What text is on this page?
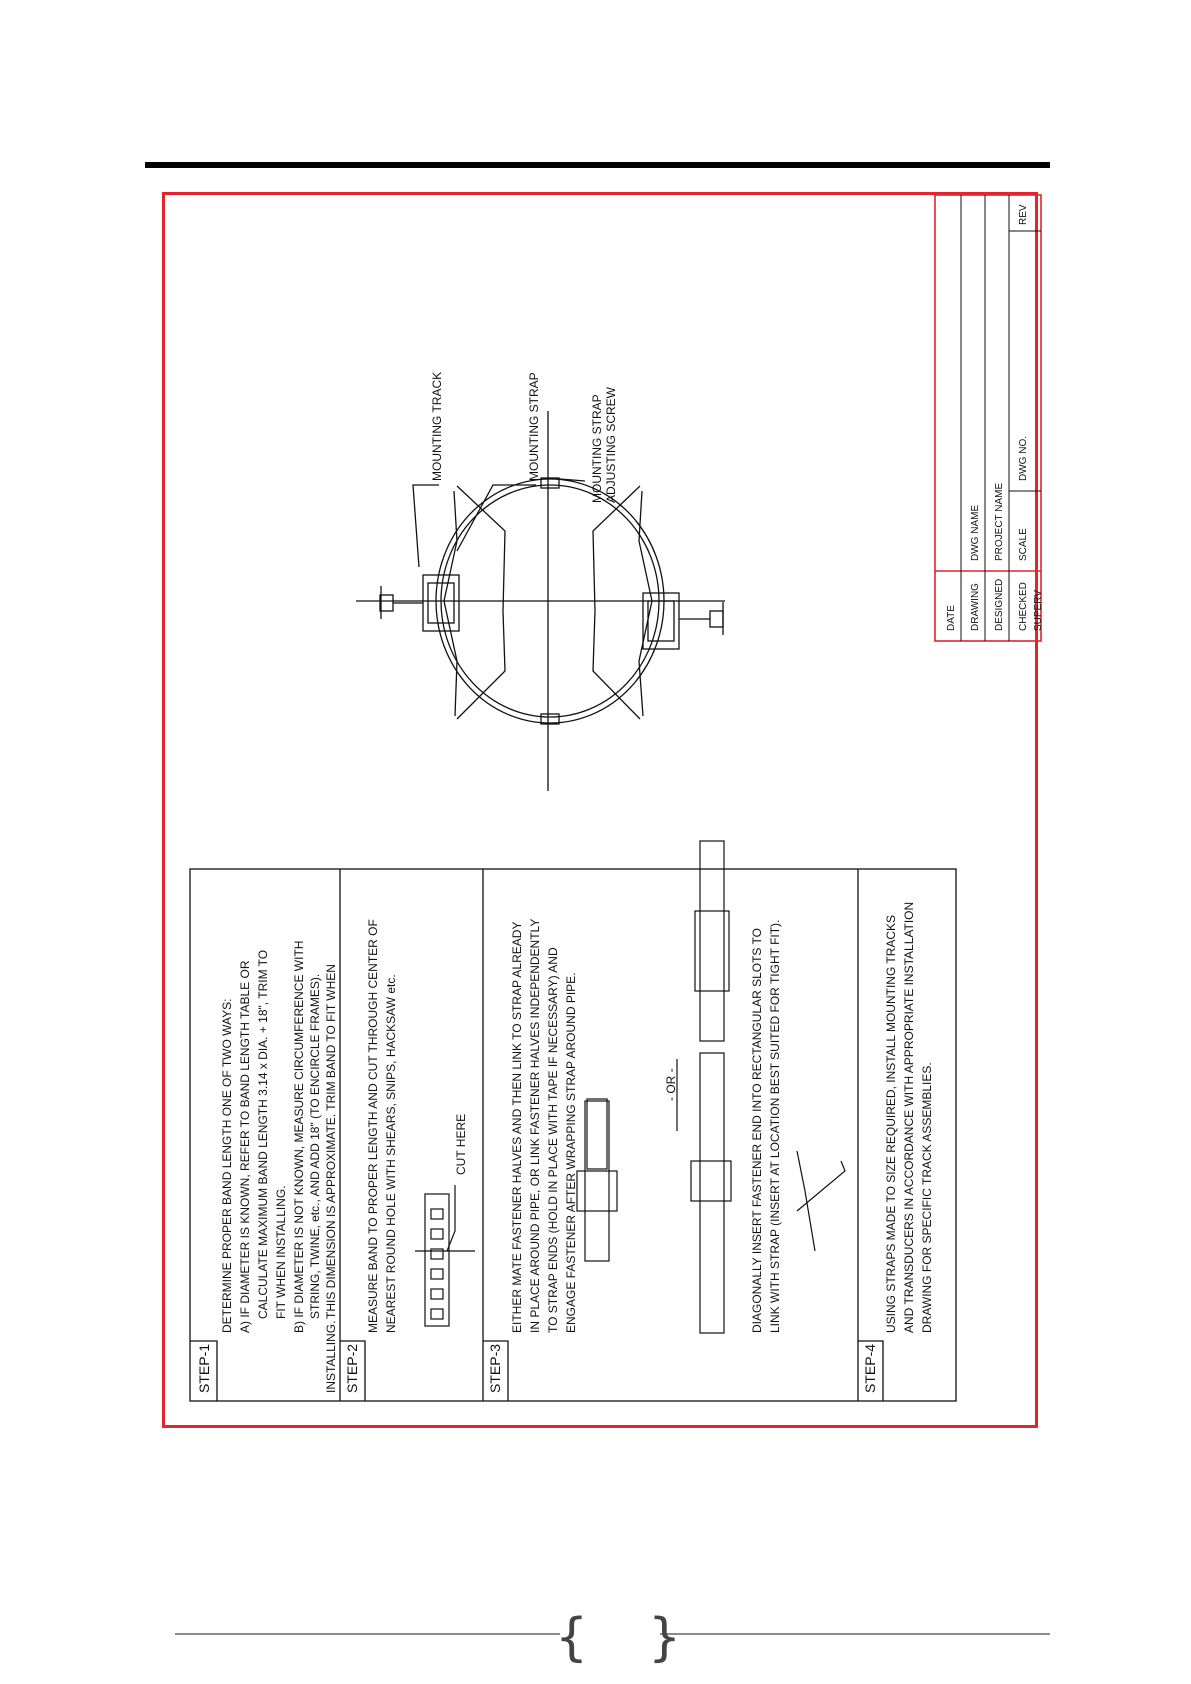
MOUNTING TRACK	MOUNTING STRAP	MOUNTING STRAP ADJUSTING SCREW
STEP-1
DETERMINE PROPER BAND LENGTH ONE OF TWO WAYS: A) IF DIAMETER IS KNOWN, REFER TO BAND LENGTH TABLE OR CALCULATE MAXIMUM BAND LENGTH 3.14 x DIA. + 18", TRIM TO FIT WHEN INSTALLING. B) IF DIAMETER IS NOT KNOWN, MEASURE CIRCUMFERENCE WITH STRING, TWINE, etc., AND ADD 18" (TO ENCIRCLE FRAMES). THIS DIMENSION IS APPROXIMATE. TRIM BAND TO FIT WHEN
INSTALLING. STEP-2
MEASURE BAND TO PROPER LENGTH AND CUT THROUGH CENTER OF NEAREST ROUND HOLE WITH SHEARS, SNIPS, HACKSAW etc.	CUT HERE
STEP-3
EITHER MATE FASTENER HALVES AND THEN LINK TO STRAP ALREADY IN PLACE AROUND PIPE, OR LINK FASTENER HALVES INDEPENDENTLY TO STRAP ENDS (HOLD IN PLACE WITH TAPE IF NECESSARY) AND ENGAGE FASTENER AFTER WRAPPING STRAP AROUND PIPE.	- OR -	DIAGONALLY INSERT FASTENER END INTO RECTANGULAR SLOTS TO LINK WITH STRAP (INSERT AT LOCATION BEST SUITED FOR TIGHT FIT).
STEP-4
USING STRAPS MADE TO SIZE REQUIRED, INSTALL MOUNTING TRACKS AND TRANSDUCERS IN ACCORDANCE WITH APPROPRIATE INSTALLATION DRAWING FOR SPECIFIC TRACK ASSEMBLIES.
DATE DRAWING DESIGNED CHECKED SUPERV
DWG NAME PROJECT NAME SCALE
DWG NO.
REV
{ }
